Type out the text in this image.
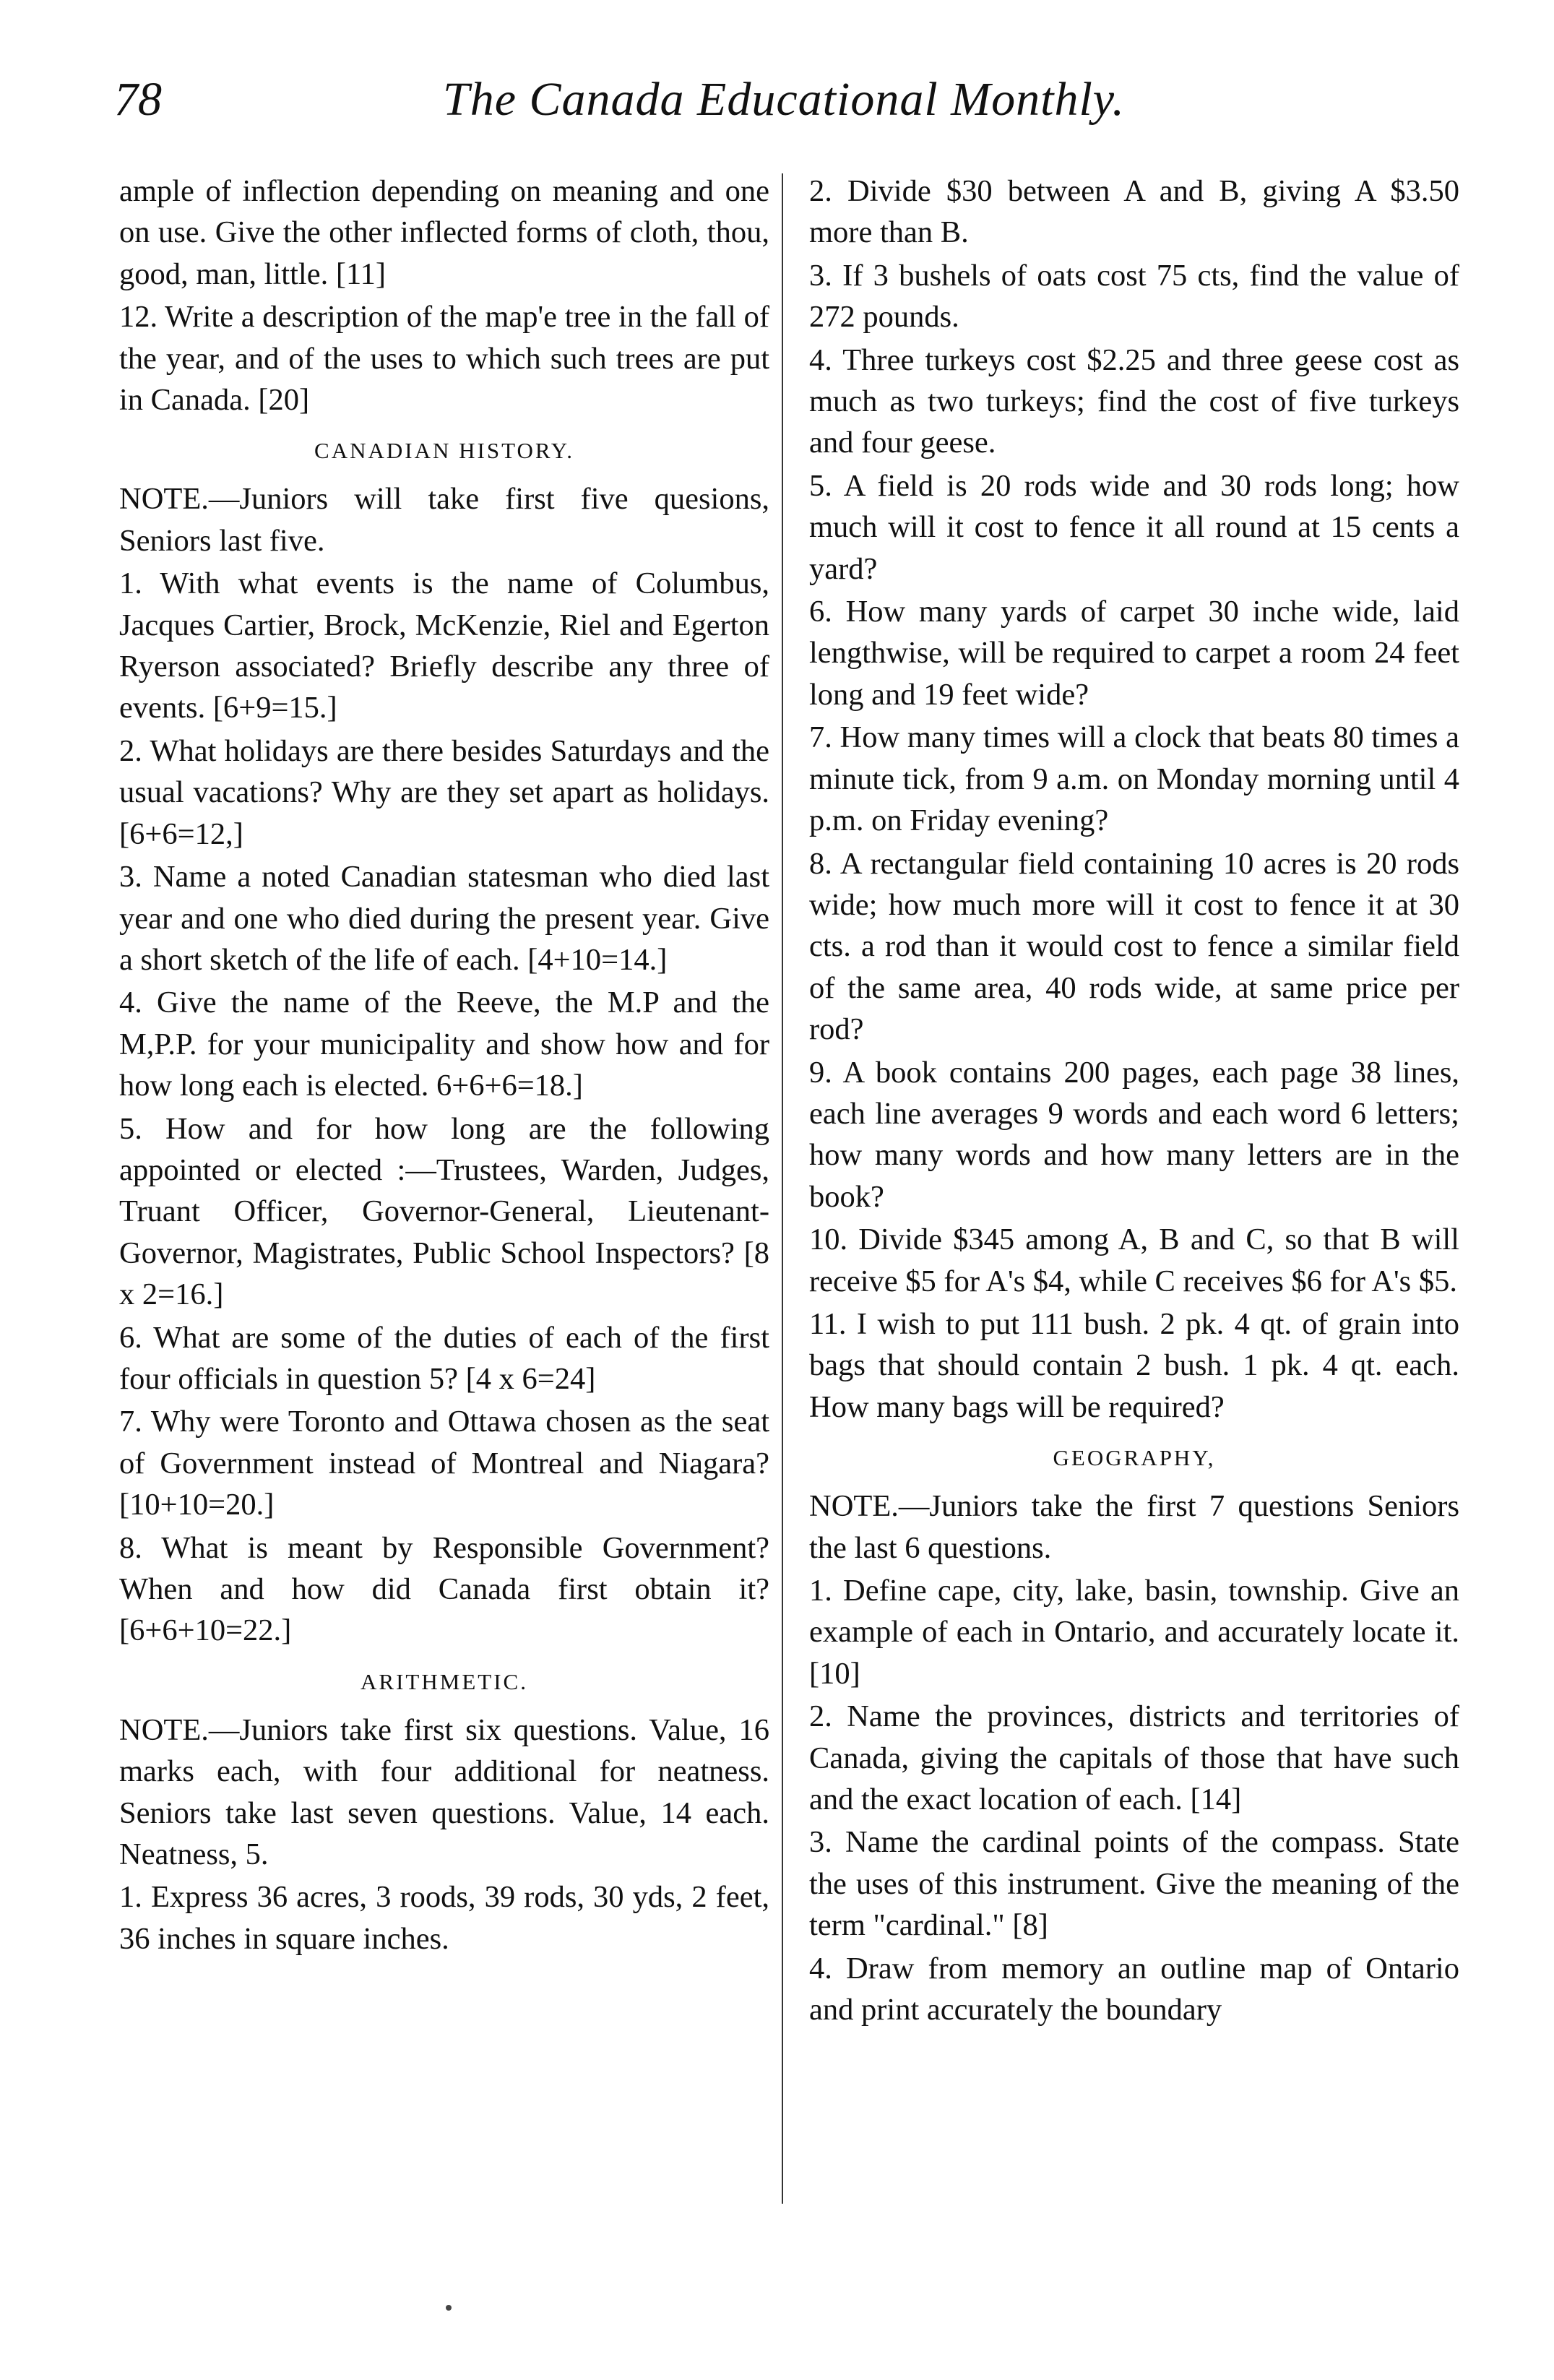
78	The Canada Educational Monthly.

ample of inflection depending on meaning and one on use. Give the other inflected forms of cloth, thou, good, man, little. [11]

12. Write a description of the map'e tree in the fall of the year, and of the uses to which such trees are put in Canada. [20]

CANADIAN HISTORY.

NOTE.—Juniors will take first five quesions, Seniors last five.

1. With what events is the name of Columbus, Jacques Cartier, Brock, McKenzie, Riel and Egerton Ryerson associated? Briefly describe any three of events. [6+9=15.]

2. What holidays are there besides Saturdays and the usual vacations? Why are they set apart as holidays. [6+6=12,]

3. Name a noted Canadian statesman who died last year and one who died during the present year. Give a short sketch of the life of each. [4+10=14.]

4. Give the name of the Reeve, the M.P and the M,P.P. for your municipality and show how and for how long each is elected. 6+6+6=18.]

5. How and for how long are the following appointed or elected :—Trustees, Warden, Judges, Truant Officer, Governor-General, Lieutenant-Governor, Magistrates, Public School Inspectors? [8 x 2=16.]

6. What are some of the duties of each of the first four officials in question 5? [4 x 6=24]

7. Why were Toronto and Ottawa chosen as the seat of Government instead of Montreal and Niagara? [10+10=20.]

8. What is meant by Responsible Government? When and how did Canada first obtain it? [6+6+10=22.]

ARITHMETIC.

NOTE.—Juniors take first six questions. Value, 16 marks each, with four additional for neatness. Seniors take last seven questions. Value, 14 each. Neatness, 5.

1. Express 36 acres, 3 roods, 39 rods, 30 yds, 2 feet, 36 inches in square inches.

2. Divide $30 between A and B, giving A $3.50 more than B.

3. If 3 bushels of oats cost 75 cts, find the value of 272 pounds.

4. Three turkeys cost $2.25 and three geese cost as much as two turkeys; find the cost of five turkeys and four geese.

5. A field is 20 rods wide and 30 rods long; how much will it cost to fence it all round at 15 cents a yard?

6. How many yards of carpet 30 inche wide, laid lengthwise, will be required to carpet a room 24 feet long and 19 feet wide?

7. How many times will a clock that beats 80 times a minute tick, from 9 a.m. on Monday morning until 4 p.m. on Friday evening?

8. A rectangular field containing 10 acres is 20 rods wide; how much more will it cost to fence it at 30 cts. a rod than it would cost to fence a similar field of the same area, 40 rods wide, at same price per rod?

9. A book contains 200 pages, each page 38 lines, each line averages 9 words and each word 6 letters; how many words and how many letters are in the book?

10. Divide $345 among A, B and C, so that B will receive $5 for A's $4, while C receives $6 for A's $5.

11. I wish to put 111 bush. 2 pk. 4 qt. of grain into bags that should contain 2 bush. 1 pk. 4 qt. each. How many bags will be required?

GEOGRAPHY,

NOTE.—Juniors take the first 7 questions Seniors the last 6 questions.

1. Define cape, city, lake, basin, township. Give an example of each in Ontario, and accurately locate it. [10]

2. Name the provinces, districts and territories of Canada, giving the capitals of those that have such and the exact location of each. [14]

3. Name the cardinal points of the compass. State the uses of this instrument. Give the meaning of the term "cardinal." [8]

4. Draw from memory an outline map of Ontario and print accurately the boundary
